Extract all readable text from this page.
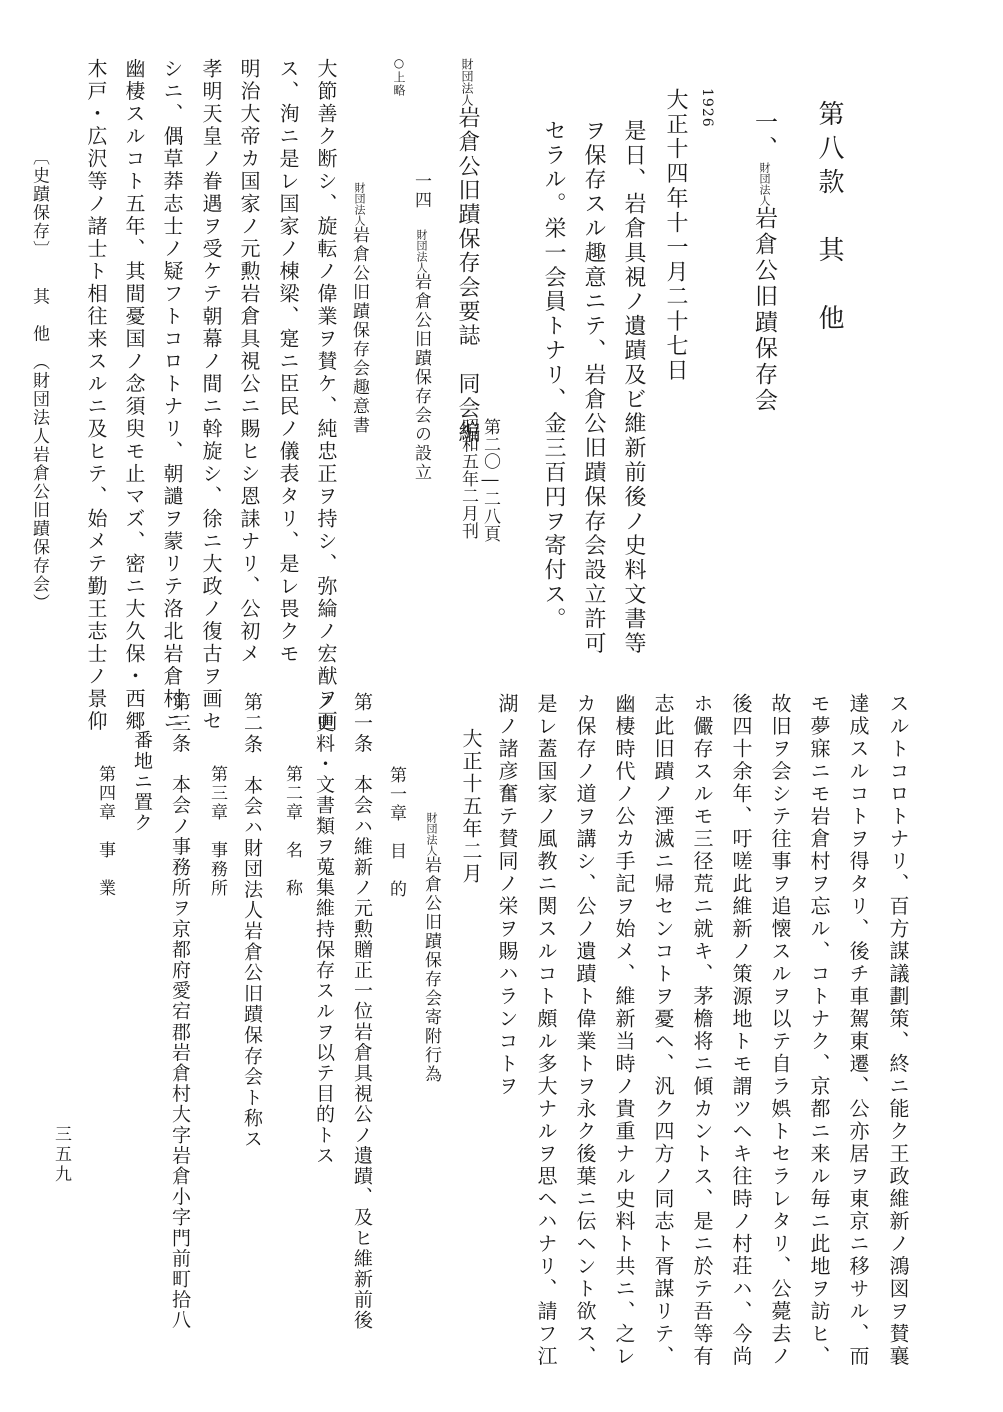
第八款　其　他
一、財団法人岩倉公旧蹟保存会
1926
大正十四年十一月二十七日
是日、岩倉具視ノ遺蹟及ビ維新前後ノ史料文書等
ヲ保存スル趣意ニテ、岩倉公旧蹟保存会設立許可
セラル。栄一会員トナリ、金三百円ヲ寄付ス。
財団法人岩倉公旧蹟保存会要誌　同会編
第二〇―二八頁
昭和五年二月刊
一四　財団法人岩倉公旧蹟保存会の設立
○上略
財団法人岩倉公旧蹟保存会趣意書
大節善ク断シ、旋転ノ偉業ヲ賛ケ、純忠正ヲ持シ、弥綸ノ宏猷ヲ画
ス、洵ニ是レ国家ノ棟梁、寔ニ臣民ノ儀表タリ、是レ畏クモ
明治大帝カ国家ノ元勲岩倉具視公ニ賜ヒシ恩誄ナリ、公初メ
孝明天皇ノ眷遇ヲ受ケテ朝幕ノ間ニ斡旋シ、徐ニ大政ノ復古ヲ画セ
シニ、偶草莽志士ノ疑フトコロトナリ、朝譴ヲ蒙リテ洛北岩倉村ニ
幽棲スルコト五年、其間憂国ノ念須臾モ止マズ、密ニ大久保・西郷
木戸・広沢等ノ諸士ト相往来スルニ及ヒテ、始メテ勤王志士ノ景仰
〔史蹟保存〕　　其　他　（財団法人岩倉公旧蹟保存会）
スルトコロトナリ、百方謀議劃策、終ニ能ク王政維新ノ鴻図ヲ賛襄
達成スルコトヲ得タリ、後チ車駕東遷、公亦居ヲ東京ニ移サル、而
モ夢寐ニモ岩倉村ヲ忘ル、コトナク、京都ニ来ル毎ニ此地ヲ訪ヒ、
故旧ヲ会シテ往事ヲ追懐スルヲ以テ自ラ娯トセラレタリ、公薨去ノ
後四十余年、吁嗟此維新ノ策源地トモ謂ツヘキ往時ノ村荘ハ、今尚
ホ儼存スルモ三径荒ニ就キ、茅檐将ニ傾カントス、是ニ於テ吾等有
志此旧蹟ノ湮滅ニ帰センコトヲ憂ヘ、汎ク四方ノ同志ト胥謀リテ、
幽棲時代ノ公カ手記ヲ始メ、維新当時ノ貴重ナル史料ト共ニ、之レ
カ保存ノ道ヲ講シ、公ノ遺蹟ト偉業トヲ永ク後葉ニ伝ヘント欲ス、
是レ蓋国家ノ風教ニ関スルコト頗ル多大ナルヲ思ヘハナリ、請フ江
湖ノ諸彦奮テ賛同ノ栄ヲ賜ハランコトヲ
大正十五年二月
財団法人岩倉公旧蹟保存会寄附行為
第一章　目　的
第一条　本会ハ維新ノ元勲贈正一位岩倉具視公ノ遺蹟、及ヒ維新前後
ノ史料・文書類ヲ蒐集維持保存スルヲ以テ目的トス
第二章　名　称
第二条　本会ハ財団法人岩倉公旧蹟保存会ト称ス
第三章　事務所
第三条　本会ノ事務所ヲ京都府愛宕郡岩倉村大字岩倉小字門前町拾八
番地ニ置ク
第四章　事　業
三五九
